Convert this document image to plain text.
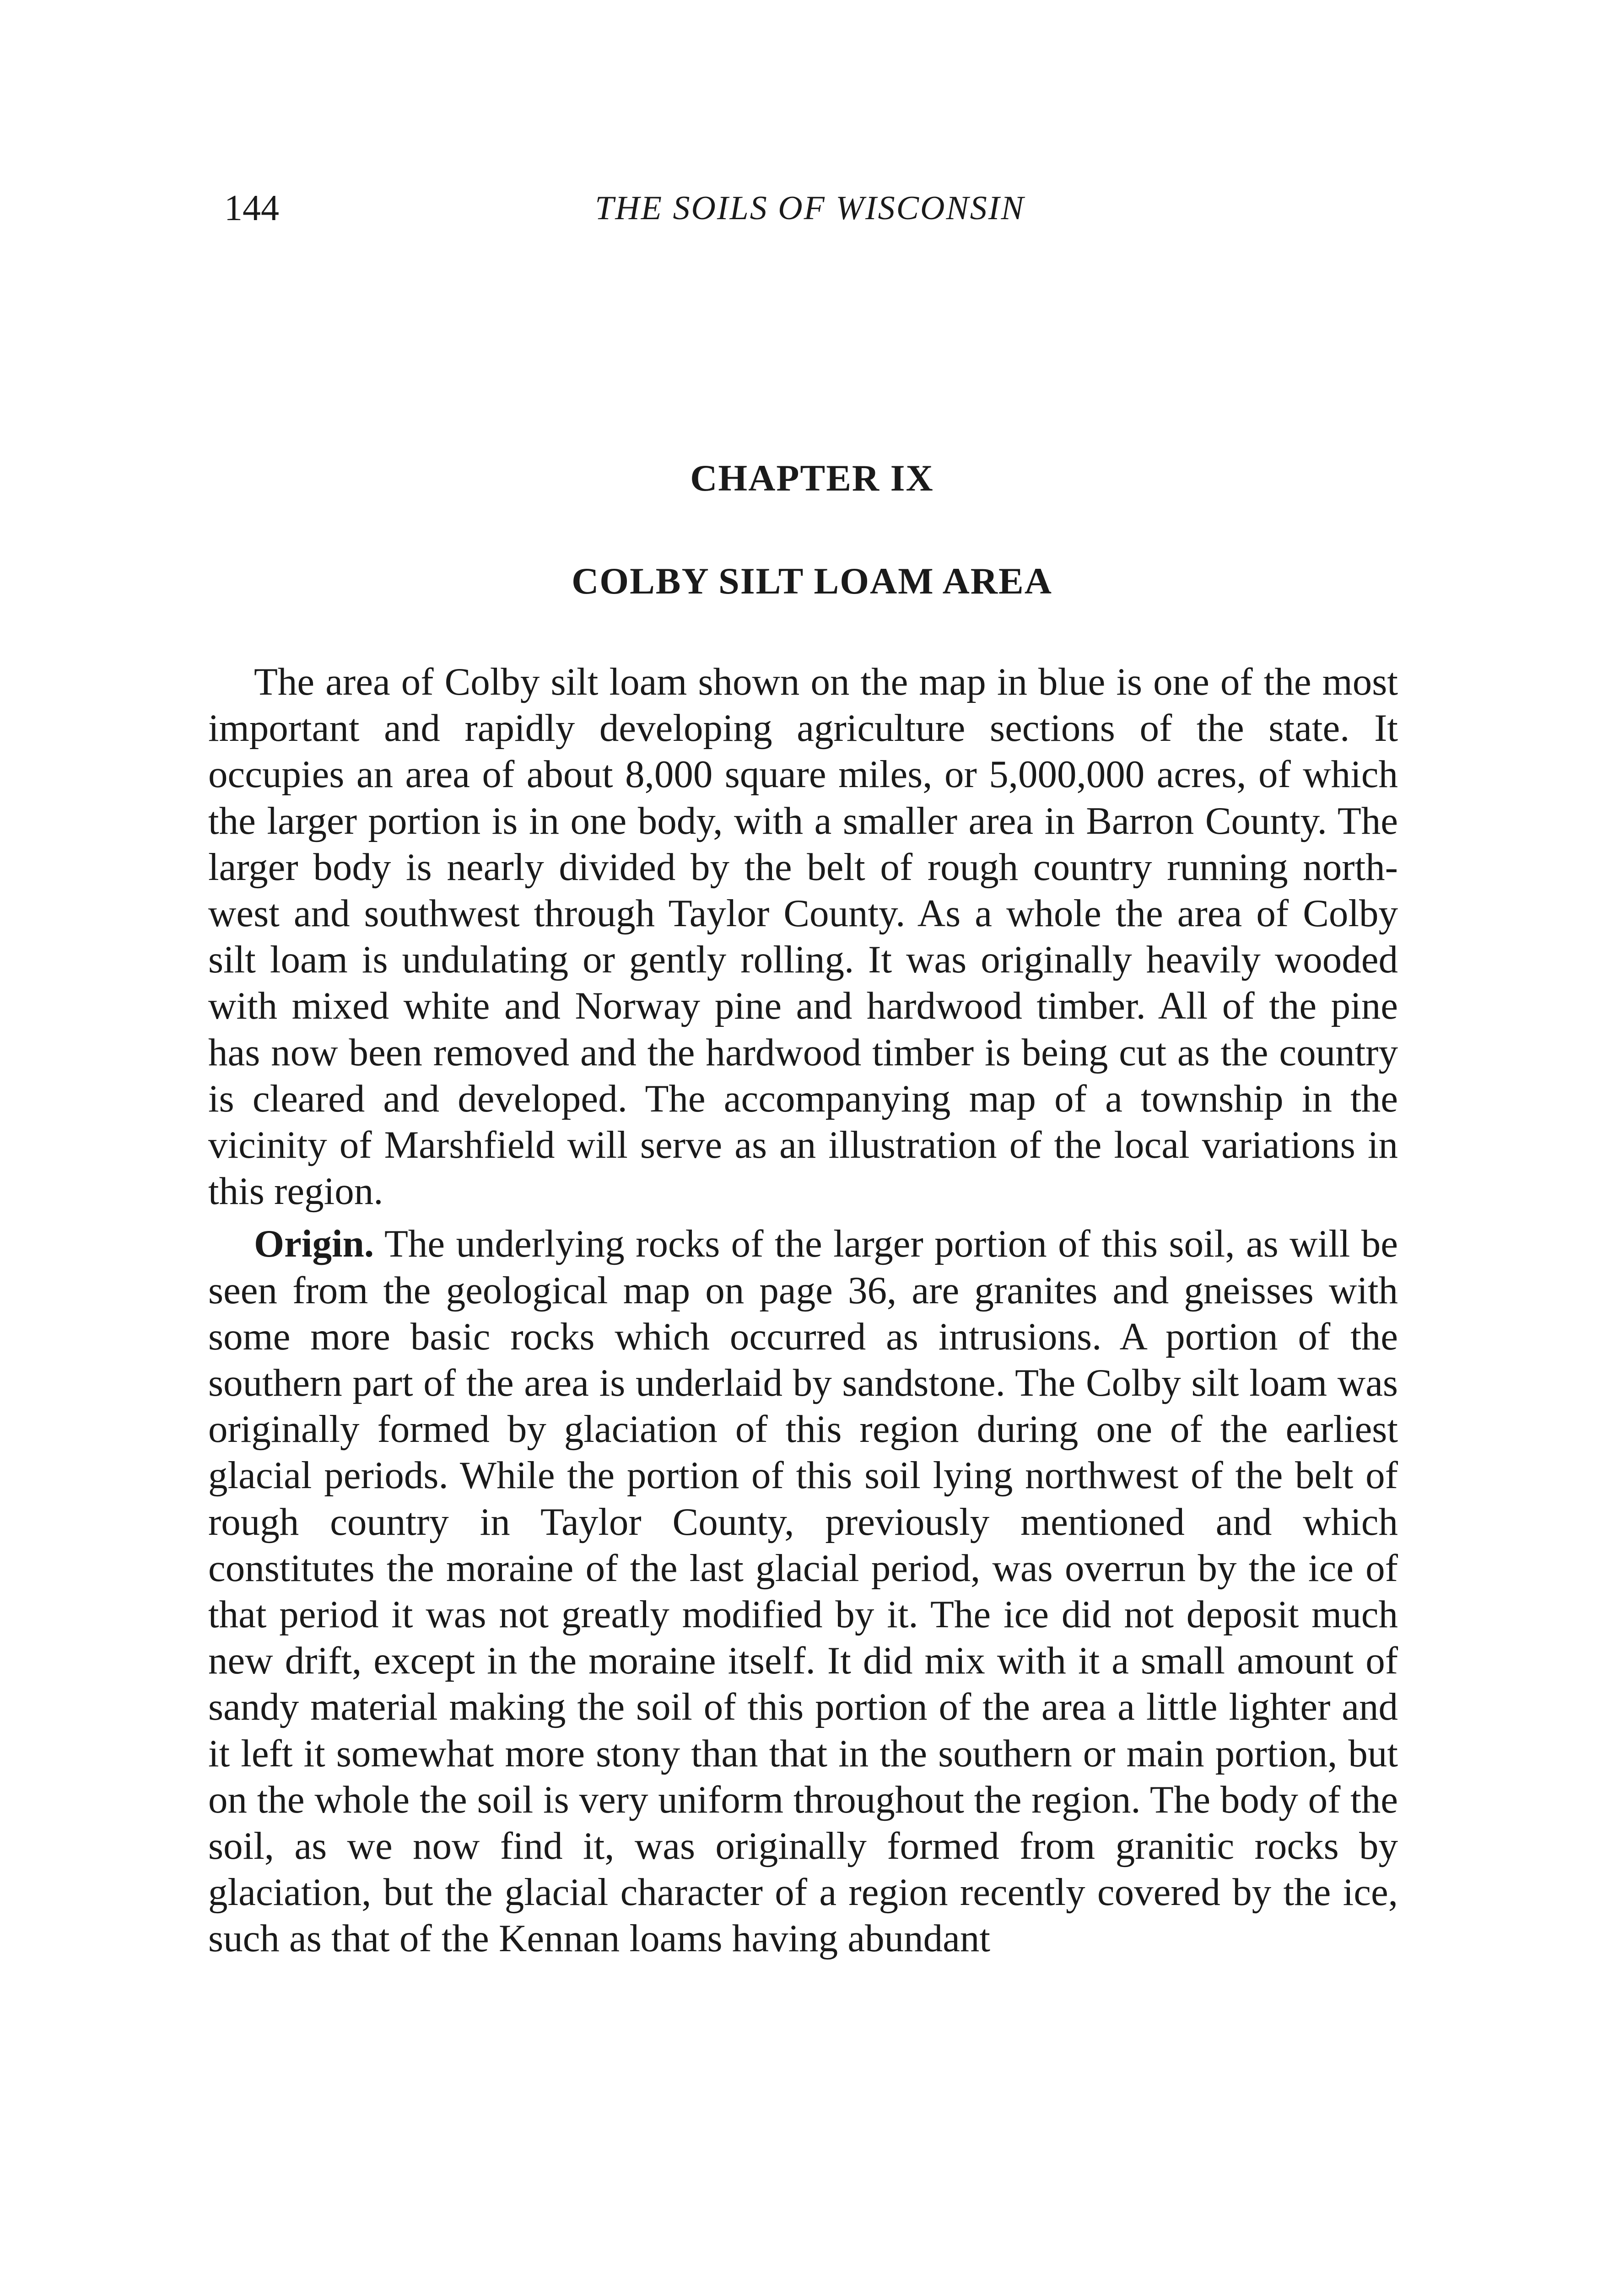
144	THE SOILS OF WISCONSIN
CHAPTER IX
COLBY SILT LOAM AREA

The area of Colby silt loam shown on the map in blue is one of the most important and rapidly developing agriculture sections of the state. It occupies an area of about 8,000 square miles, or 5,000,000 acres, of which the larger portion is in one body, with a smaller area in Barron County. The larger body is nearly divided by the belt of rough country running north-west and southwest through Taylor County. As a whole the area of Colby silt loam is undulating or gently rolling. It was originally heavily wooded with mixed white and Norway pine and hardwood timber. All of the pine has now been removed and the hardwood timber is being cut as the country is cleared and developed. The accompanying map of a township in the vicinity of Marshfield will serve as an illustration of the local variations in this region.

Origin. The underlying rocks of the larger portion of this soil, as will be seen from the geological map on page 36, are granites and gneisses with some more basic rocks which occurred as intrusions. A portion of the southern part of the area is underlaid by sandstone. The Colby silt loam was originally formed by glaciation of this region during one of the earliest glacial periods. While the portion of this soil lying northwest of the belt of rough country in Taylor County, previously mentioned and which constitutes the moraine of the last glacial period, was overrun by the ice of that period it was not greatly modified by it. The ice did not deposit much new drift, except in the moraine itself. It did mix with it a small amount of sandy material making the soil of this portion of the area a little lighter and it left it somewhat more stony than that in the southern or main portion, but on the whole the soil is very uniform throughout the region. The body of the soil, as we now find it, was originally formed from granitic rocks by glaciation, but the glacial character of a region recently covered by the ice, such as that of the Kennan loams having abundant
